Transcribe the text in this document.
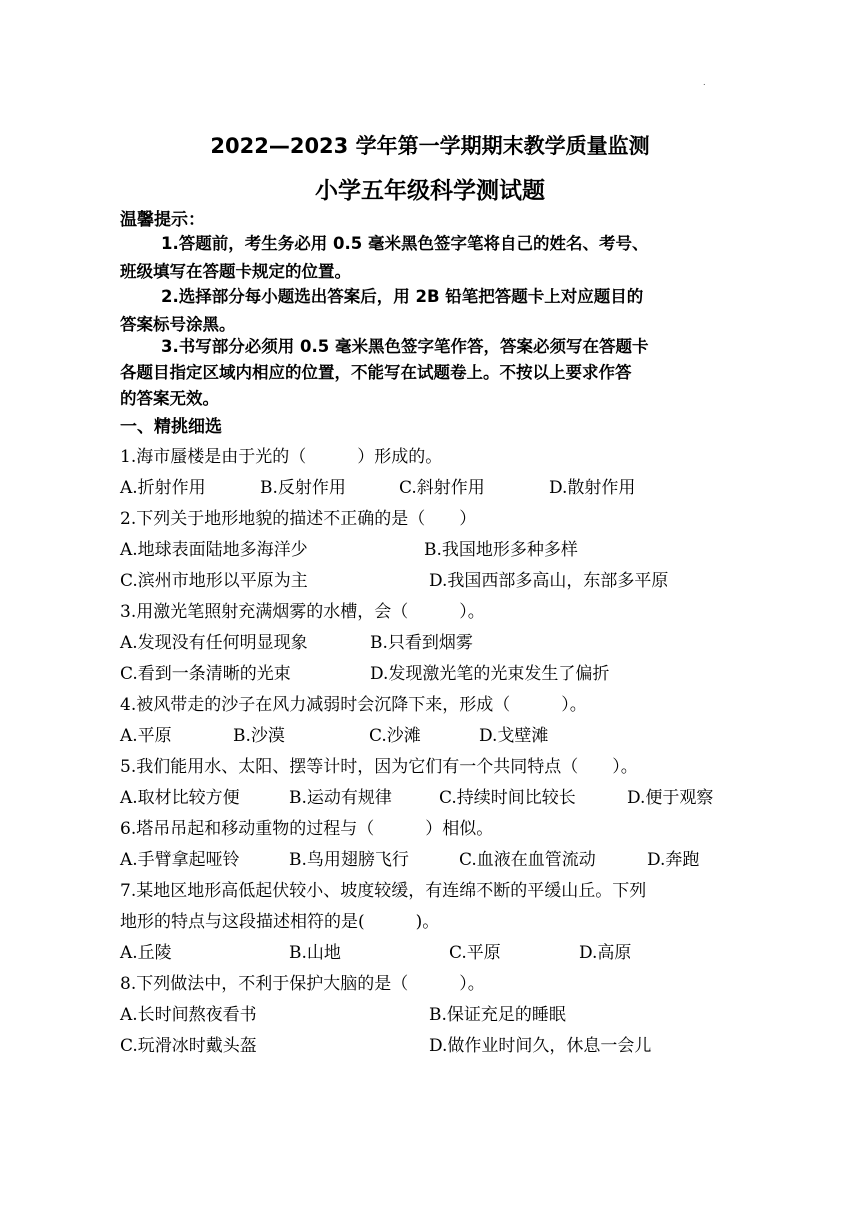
.
2022—2023 学年第一学期期末教学质量监测
小学五年级科学测试题
温馨提示：
1.答题前，考生务必用 0.5 毫米黑色签字笔将自己的姓名、考号、
班级填写在答题卡规定的位置。
2.选择部分每小题选出答案后，用 2B 铅笔把答题卡上对应题目的
答案标号涂黑。
3.书写部分必须用 0.5 毫米黑色签字笔作答，答案必须写在答题卡
各题目指定区域内相应的位置，不能写在试题卷上。不按以上要求作答
的答案无效。
一、精挑细选
1.海市蜃楼是由于光的（　　　）形成的。
A.折射作用	B.反射作用	C.斜射作用	D.散射作用
2.下列关于地形地貌的描述不正确的是（　　）
A.地球表面陆地多海洋少	B.我国地形多种多样
C.滨州市地形以平原为主	D.我国西部多高山，东部多平原
3.用激光笔照射充满烟雾的水槽，会（　　　）。
A.发现没有任何明显现象	B.只看到烟雾
C.看到一条清晰的光束	D.发现激光笔的光束发生了偏折
4.被风带走的沙子在风力减弱时会沉降下来，形成（　　　）。
A.平原	B.沙漠	C.沙滩	D.戈壁滩
5.我们能用水、太阳、摆等计时，因为它们有一个共同特点（　　）。
A.取材比较方便	B.运动有规律	C.持续时间比较长	D.便于观察
6.塔吊吊起和移动重物的过程与（　　　）相似。
A.手臂拿起哑铃	B.鸟用翅膀飞行	C.血液在血管流动	D.奔跑
7.某地区地形高低起伏较小、坡度较缓，有连绵不断的平缓山丘。下列
地形的特点与这段描述相符的是(　　　)。
A.丘陵	B.山地	C.平原	D.高原
8.下列做法中，不利于保护大脑的是（　　　）。
A.长时间熬夜看书	B.保证充足的睡眠
C.玩滑冰时戴头盔	D.做作业时间久，休息一会儿
